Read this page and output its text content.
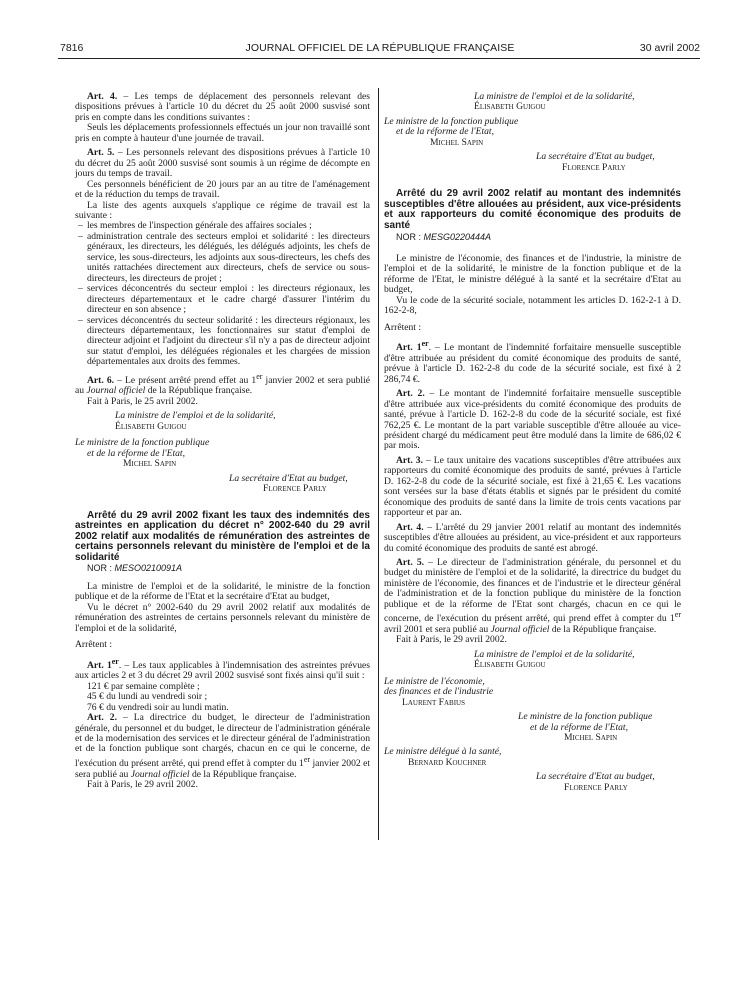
7816	JOURNAL OFFICIEL DE LA RÉPUBLIQUE FRANÇAISE	30 avril 2002

Art. 4. – Les temps de déplacement des personnels relevant des dispositions prévues à l'article 10 du décret du 25 août 2000 susvisé sont pris en compte dans les conditions suivantes :

Seuls les déplacements professionnels effectués un jour non travaillé sont pris en compte à hauteur d'une journée de travail.

Art. 5. – Les personnels relevant des dispositions prévues à l'article 10 du décret du 25 août 2000 susvisé sont soumis à un régime de décompte en jours du temps de travail.

Ces personnels bénéficient de 20 jours par an au titre de l'aménagement et de la réduction du temps de travail.

La liste des agents auxquels s'applique ce régime de travail est la suivante :

– les membres de l'inspection générale des affaires sociales ;
– administration centrale des secteurs emploi et solidarité : les directeurs généraux, les directeurs, les délégués, les délégués adjoints, les chefs de service, les sous-directeurs, les adjoints aux sous-directeurs, les chefs des unités rattachées directement aux directeurs, chefs de service ou sous-directeurs, les directeurs de projet ;
– services déconcentrés du secteur emploi : les directeurs régionaux, les directeurs départementaux et le cadre chargé d'assurer l'intérim du directeur en son absence ;
– services déconcentrés du secteur solidarité : les directeurs régionaux, les directeurs départementaux, les fonctionnaires sur statut d'emploi de directeur adjoint et l'adjoint du directeur s'il n'y a pas de directeur adjoint sur statut d'emploi, les déléguées régionales et les chargées de mission départementales aux droits des femmes.

Art. 6. – Le présent arrêté prend effet au 1er janvier 2002 et sera publié au Journal officiel de la République française.

Fait à Paris, le 25 avril 2002.

La ministre de l'emploi et de la solidarité,

Élisabeth Guigou

Le ministre de la fonction publique

et de la réforme de l'Etat,

Michel Sapin

La secrétaire d'Etat au budget,

Florence Parly

Arrêté du 29 avril 2002 fixant les taux des indemnités des astreintes en application du décret n° 2002-640 du 29 avril 2002 relatif aux modalités de rémunération des astreintes de certains personnels relevant du ministère de l'emploi et de la solidarité

NOR : MESO0210091A

La ministre de l'emploi et de la solidarité, le ministre de la fonction publique et de la réforme de l'Etat et la secrétaire d'Etat au budget,

Vu le décret n° 2002-640 du 29 avril 2002 relatif aux modalités de rémunération des astreintes de certains personnels relevant du ministère de l'emploi et de la solidarité,

Arrêtent :

Art. 1er. – Les taux applicables à l'indemnisation des astreintes prévues aux articles 2 et 3 du décret 29 avril 2002 susvisé sont fixés ainsi qu'il suit :

121 € par semaine complète ;

45 € du lundi au vendredi soir ;

76 € du vendredi soir au lundi matin.

Art. 2. – La directrice du budget, le directeur de l'administration générale, du personnel et du budget, le directeur de l'administration générale et de la modernisation des services et le directeur général de l'administration et de la fonction publique sont chargés, chacun en ce qui le concerne, de l'exécution du présent arrêté, qui prend effet à compter du 1er janvier 2002 et sera publié au Journal officiel de la République française.

Fait à Paris, le 29 avril 2002.

La ministre de l'emploi et de la solidarité,

Élisabeth Guigou

Le ministre de la fonction publique

et de la réforme de l'Etat,

Michel Sapin

La secrétaire d'Etat au budget,

Florence Parly

Arrêté du 29 avril 2002 relatif au montant des indemnités susceptibles d'être allouées au président, aux vice-présidents et aux rapporteurs du comité économique des produits de santé

NOR : MESG0220444A

Le ministre de l'économie, des finances et de l'industrie, la ministre de l'emploi et de la solidarité, le ministre de la fonction publique et de la réforme de l'Etat, le ministre délégué à la santé et la secrétaire d'Etat au budget,

Vu le code de la sécurité sociale, notamment les articles D. 162-2-1 à D. 162-2-8,

Arrêtent :

Art. 1er. – Le montant de l'indemnité forfaitaire mensuelle susceptible d'être attribuée au président du comité économique des produits de santé, prévue à l'article D. 162-2-8 du code de la sécurité sociale, est fixé à 2 286,74 €.

Art. 2. – Le montant de l'indemnité forfaitaire mensuelle susceptible d'être attribuée aux vice-présidents du comité économique des produits de santé, prévue à l'article D. 162-2-8 du code de la sécurité sociale, est fixé 762,25 €. Le montant de la part variable susceptible d'être allouée au vice-président chargé du médicament peut être modulé dans la limite de 686,02 € par mois.

Art. 3. – Le taux unitaire des vacations susceptibles d'être attribuées aux rapporteurs du comité économique des produits de santé, prévues à l'article D. 162-2-8 du code de la sécurité sociale, est fixé à 21,65 €. Les vacations sont versées sur la base d'états établis et signés par le président du comité économique des produits de santé dans la limite de trois cents vacations par rapporteur et par an.

Art. 4. – L'arrêté du 29 janvier 2001 relatif au montant des indemnités susceptibles d'être allouées au président, au vice-président et aux rapporteurs du comité économique des produits de santé est abrogé.

Art. 5. – Le directeur de l'administration générale, du personnel et du budget du ministère de l'emploi et de la solidarité, la directrice du budget du ministère de l'économie, des finances et de l'industrie et le directeur général de l'administration et de la fonction publique du ministère de la fonction publique et de la réforme de l'Etat sont chargés, chacun en ce qui le concerne, de l'exécution du présent arrêté, qui prend effet à compter du 1er avril 2001 et sera publié au Journal officiel de la République française.

Fait à Paris, le 29 avril 2002.

La ministre de l'emploi et de la solidarité,

Élisabeth Guigou

Le ministre de l'économie,

des finances et de l'industrie

Laurent Fabius

Le ministre de la fonction publique

et de la réforme de l'Etat,

Michel Sapin

Le ministre délégué à la santé,

Bernard Kouchner

La secrétaire d'Etat au budget,

Florence Parly
